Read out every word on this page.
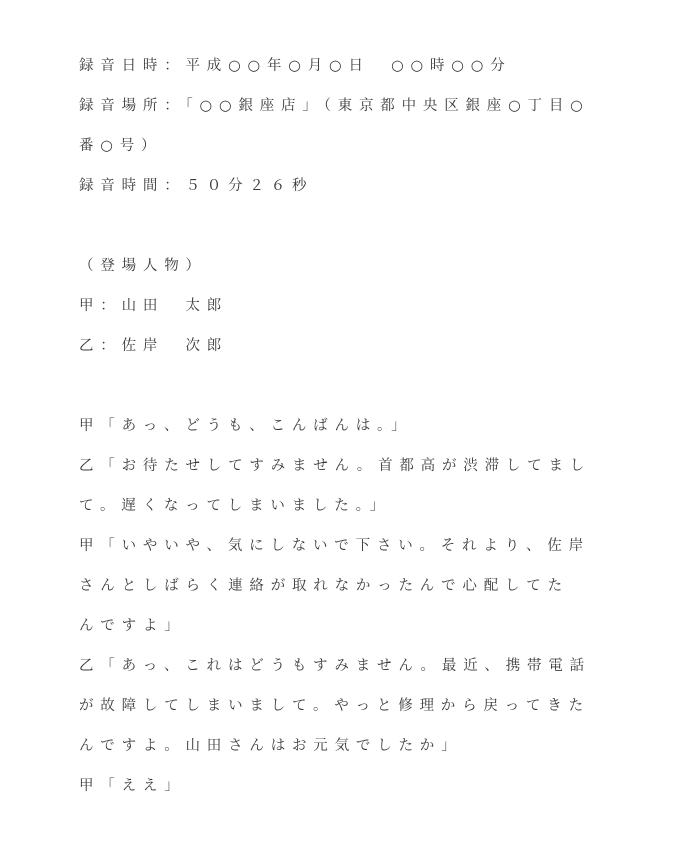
録音日時：平成○○年○月○日　○○時○○分
録音場所：「○○銀座店」（東京都中央区銀座○丁目○
番○号）
録音時間：５０分２６秒
（登場人物）
甲：山田　太郎
乙：佐岸　次郎
甲「あっ、どうも、こんばんは。」
乙「お待たせしてすみません。首都高が渋滞してまし
て。遅くなってしまいました。」
甲「いやいや、気にしないで下さい。それより、佐岸
さんとしばらく連絡が取れなかったんで心配してた
んですよ」
乙「あっ、これはどうもすみません。最近、携帯電話
が故障してしまいまして。やっと修理から戻ってきた
んですよ。山田さんはお元気でしたか」
甲「ええ」
